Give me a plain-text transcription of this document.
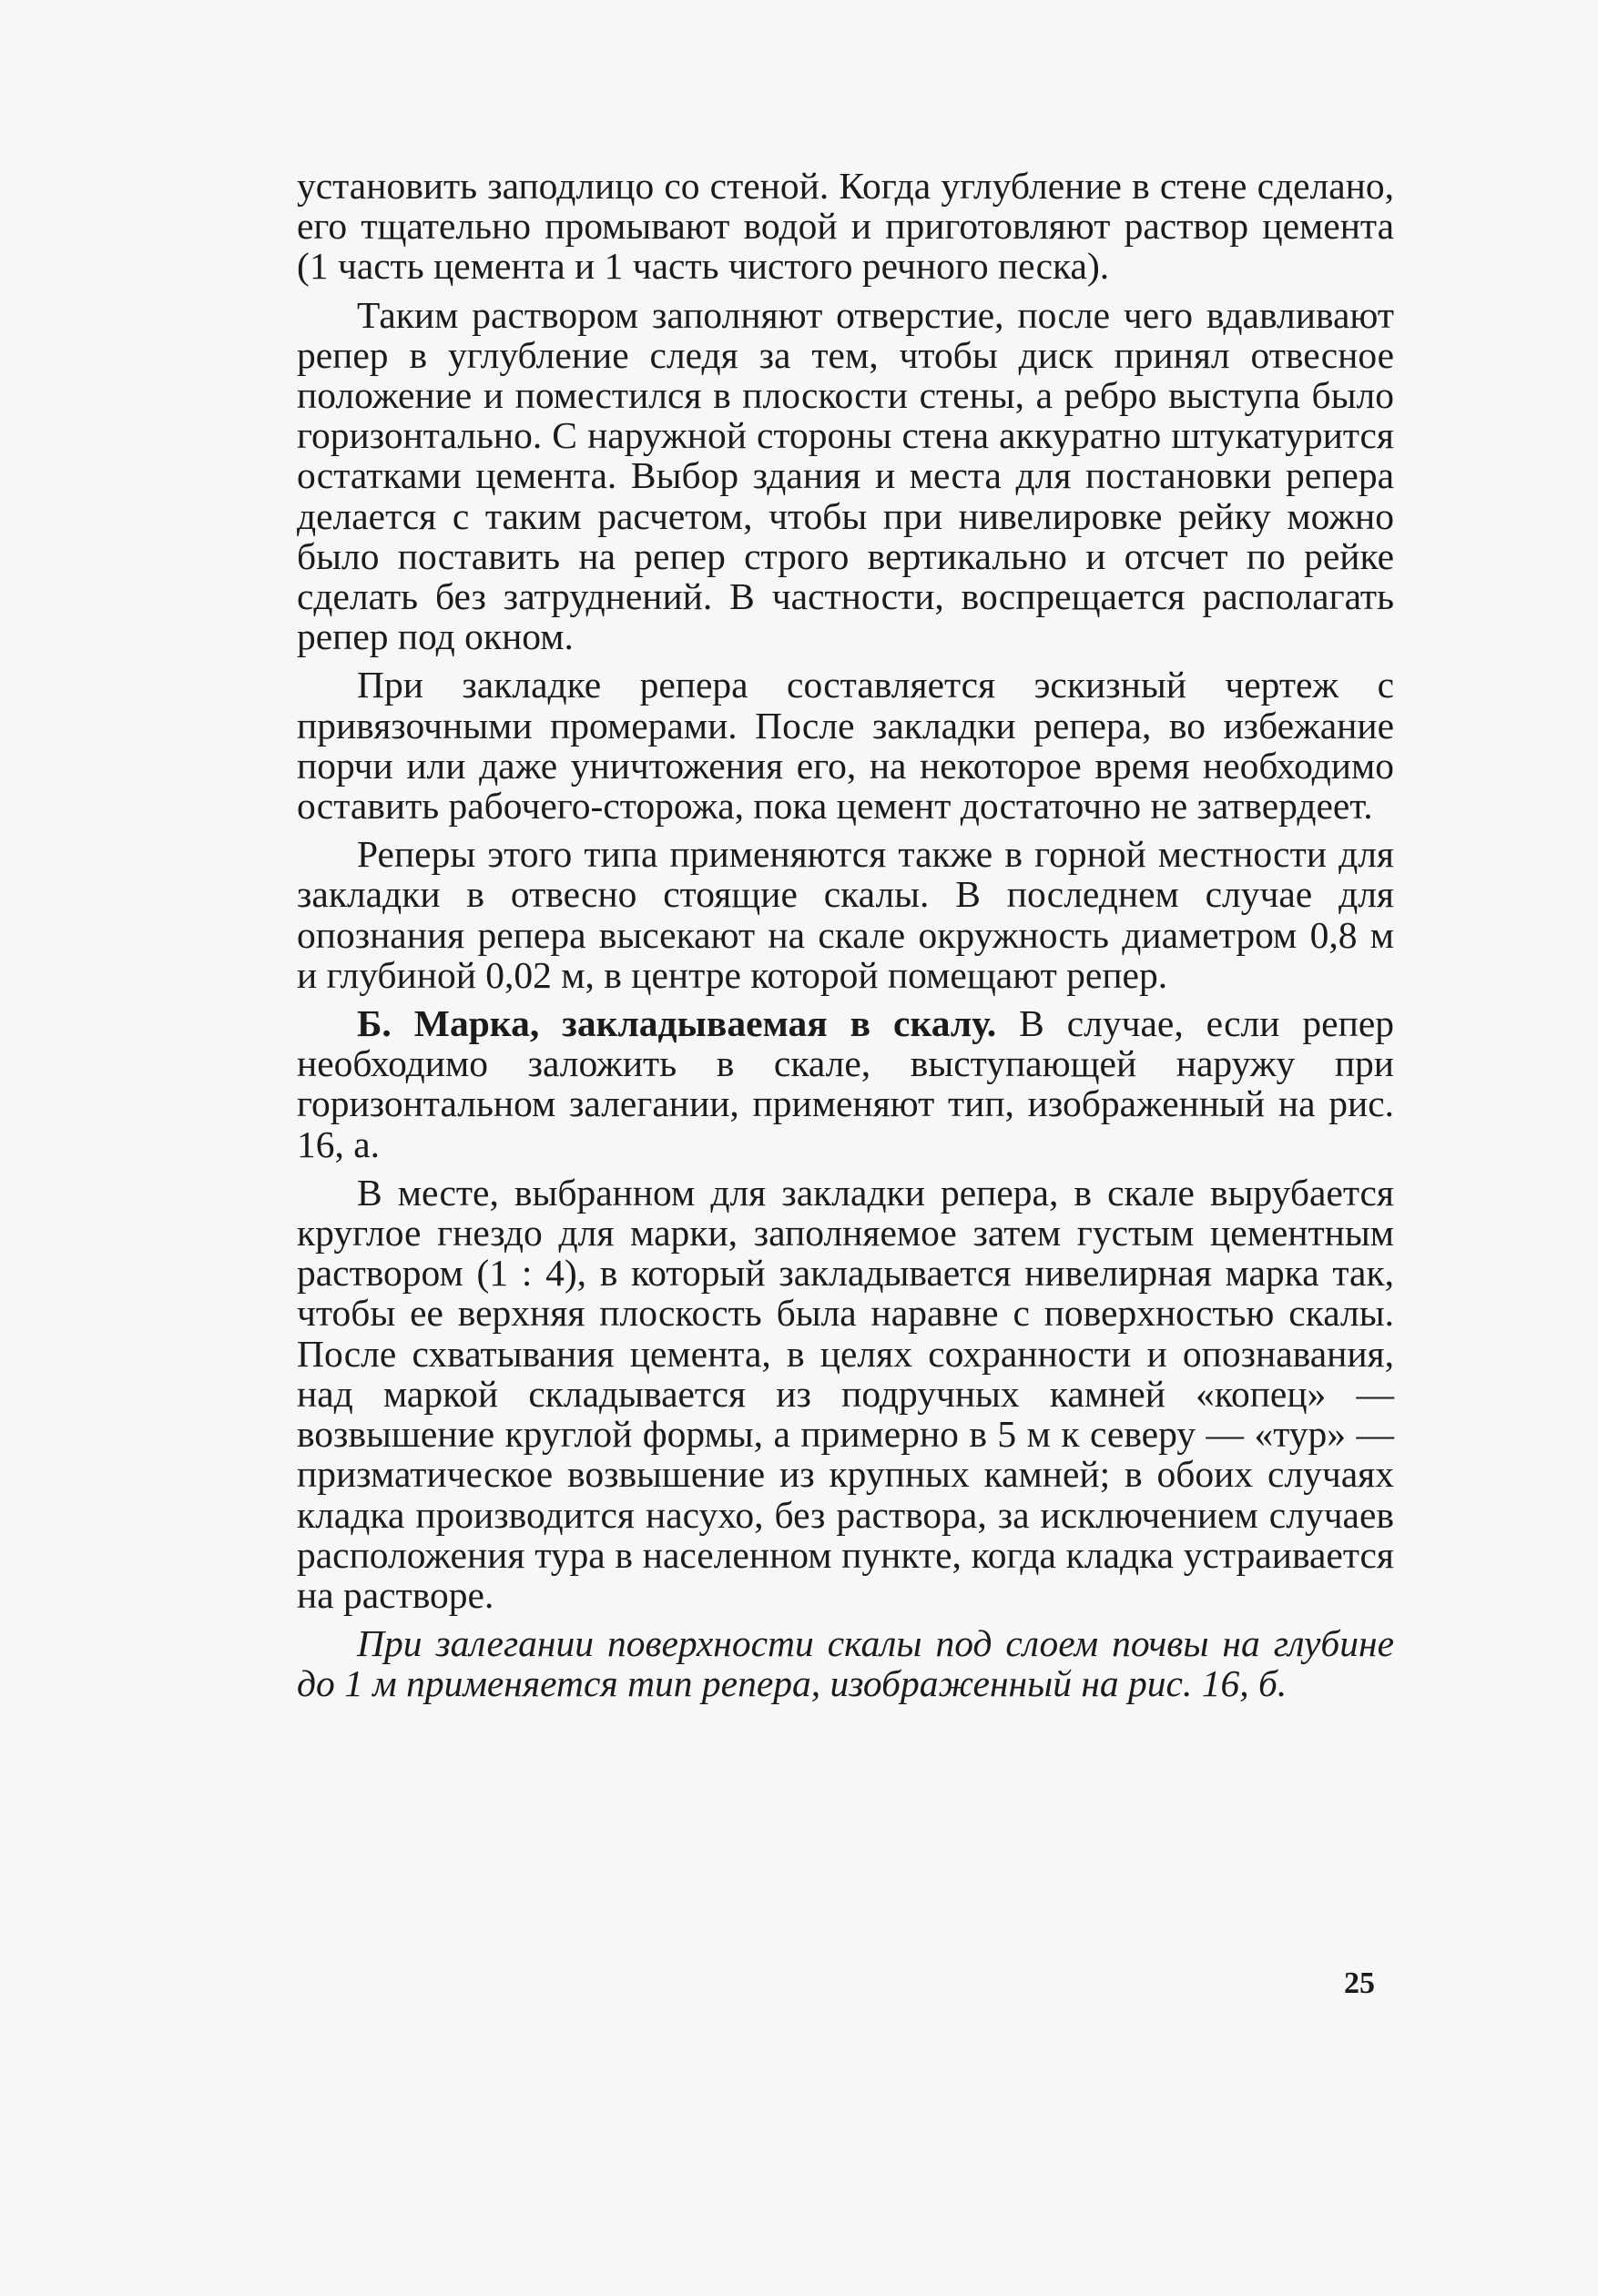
установить заподлицо со стеной. Когда углубление в стене сделано, его тщательно промывают водой и приготовляют раствор цемента (1 часть цемента и 1 часть чистого речного песка).

Таким раствором заполняют отверстие, после чего вдавливают репер в углубление следя за тем, чтобы диск принял отвесное положение и поместился в плоскости стены, а ребро выступа было горизонтально. С наружной стороны стена аккуратно штукатурится остатками цемента. Выбор здания и места для постановки репера делается с таким расчетом, чтобы при нивелировке рейку можно было поставить на репер строго вертикально и отсчет по рейке сделать без затруднений. В частности, воспрещается располагать репер под окном.

При закладке репера составляется эскизный чертеж с привязочными промерами. После закладки репера, во избежание порчи или даже уничтожения его, на некоторое время необходимо оставить рабочего-сторожа, пока цемент достаточно не затвердеет.

Реперы этого типа применяются также в горной местности для закладки в отвесно стоящие скалы. В последнем случае для опознания репера высекают на скале окружность диаметром 0,8 м и глубиной 0,02 м, в центре которой помещают репер.

Б. Марка, закладываемая в скалу. В случае, если репер необходимо заложить в скале, выступающей наружу при горизонтальном залегании, применяют тип, изображенный на рис. 16, а.

В месте, выбранном для закладки репера, в скале вырубается круглое гнездо для марки, заполняемое затем густым цементным раствором (1 : 4), в который закладывается нивелирная марка так, чтобы ее верхняя плоскость была наравне с поверхностью скалы. После схватывания цемента, в целях сохранности и опознавания, над маркой складывается из подручных камней «копец» — возвышение круглой формы, а примерно в 5 м к северу — «тур» — призматическое возвышение из крупных камней; в обоих случаях кладка производится насухо, без раствора, за исключением случаев расположения тура в населенном пункте, когда кладка устраивается на растворе.

При залегании поверхности скалы под слоем почвы на глубине до 1 м применяется тип репера, изображенный на рис. 16, б.

25
